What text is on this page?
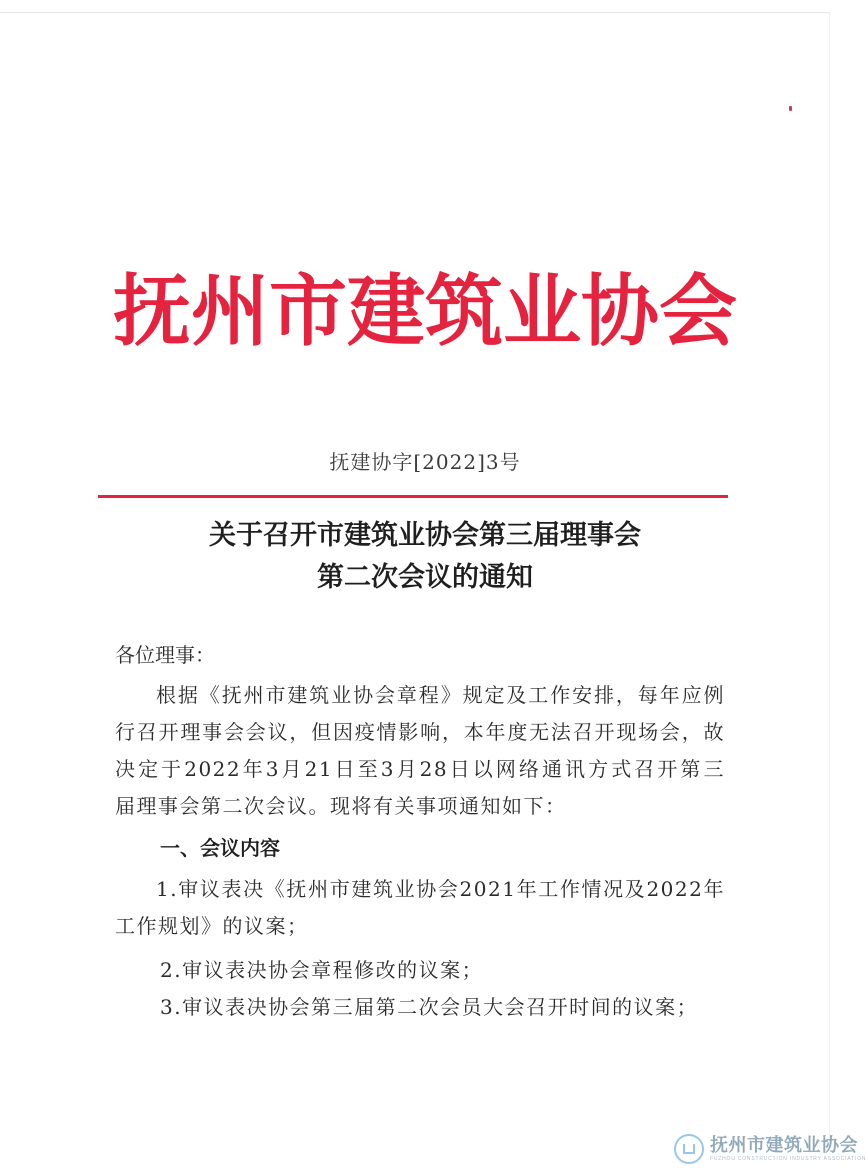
抚州市建筑业协会
抚建协字[2022]3号
关于召开市建筑业协会第三届理事会
第二次会议的通知
各位理事：

根据《抚州市建筑业协会章程》规定及工作安排，每年应例

行召开理事会会议，但因疫情影响，本年度无法召开现场会，故

决定于2022年3月21日至3月28日以网络通讯方式召开第三

届理事会第二次会议。现将有关事项通知如下：

一、会议内容

1.审议表决《抚州市建筑业协会2021年工作情况及2022年

工作规划》的议案；

2.审议表决协会章程修改的议案；
3.审议表决协会第三届第二次会员大会召开时间的议案；
抚州市建筑业协会
FUZHOU CONSTRUCTION INDUSTRY ASSOCIATION
